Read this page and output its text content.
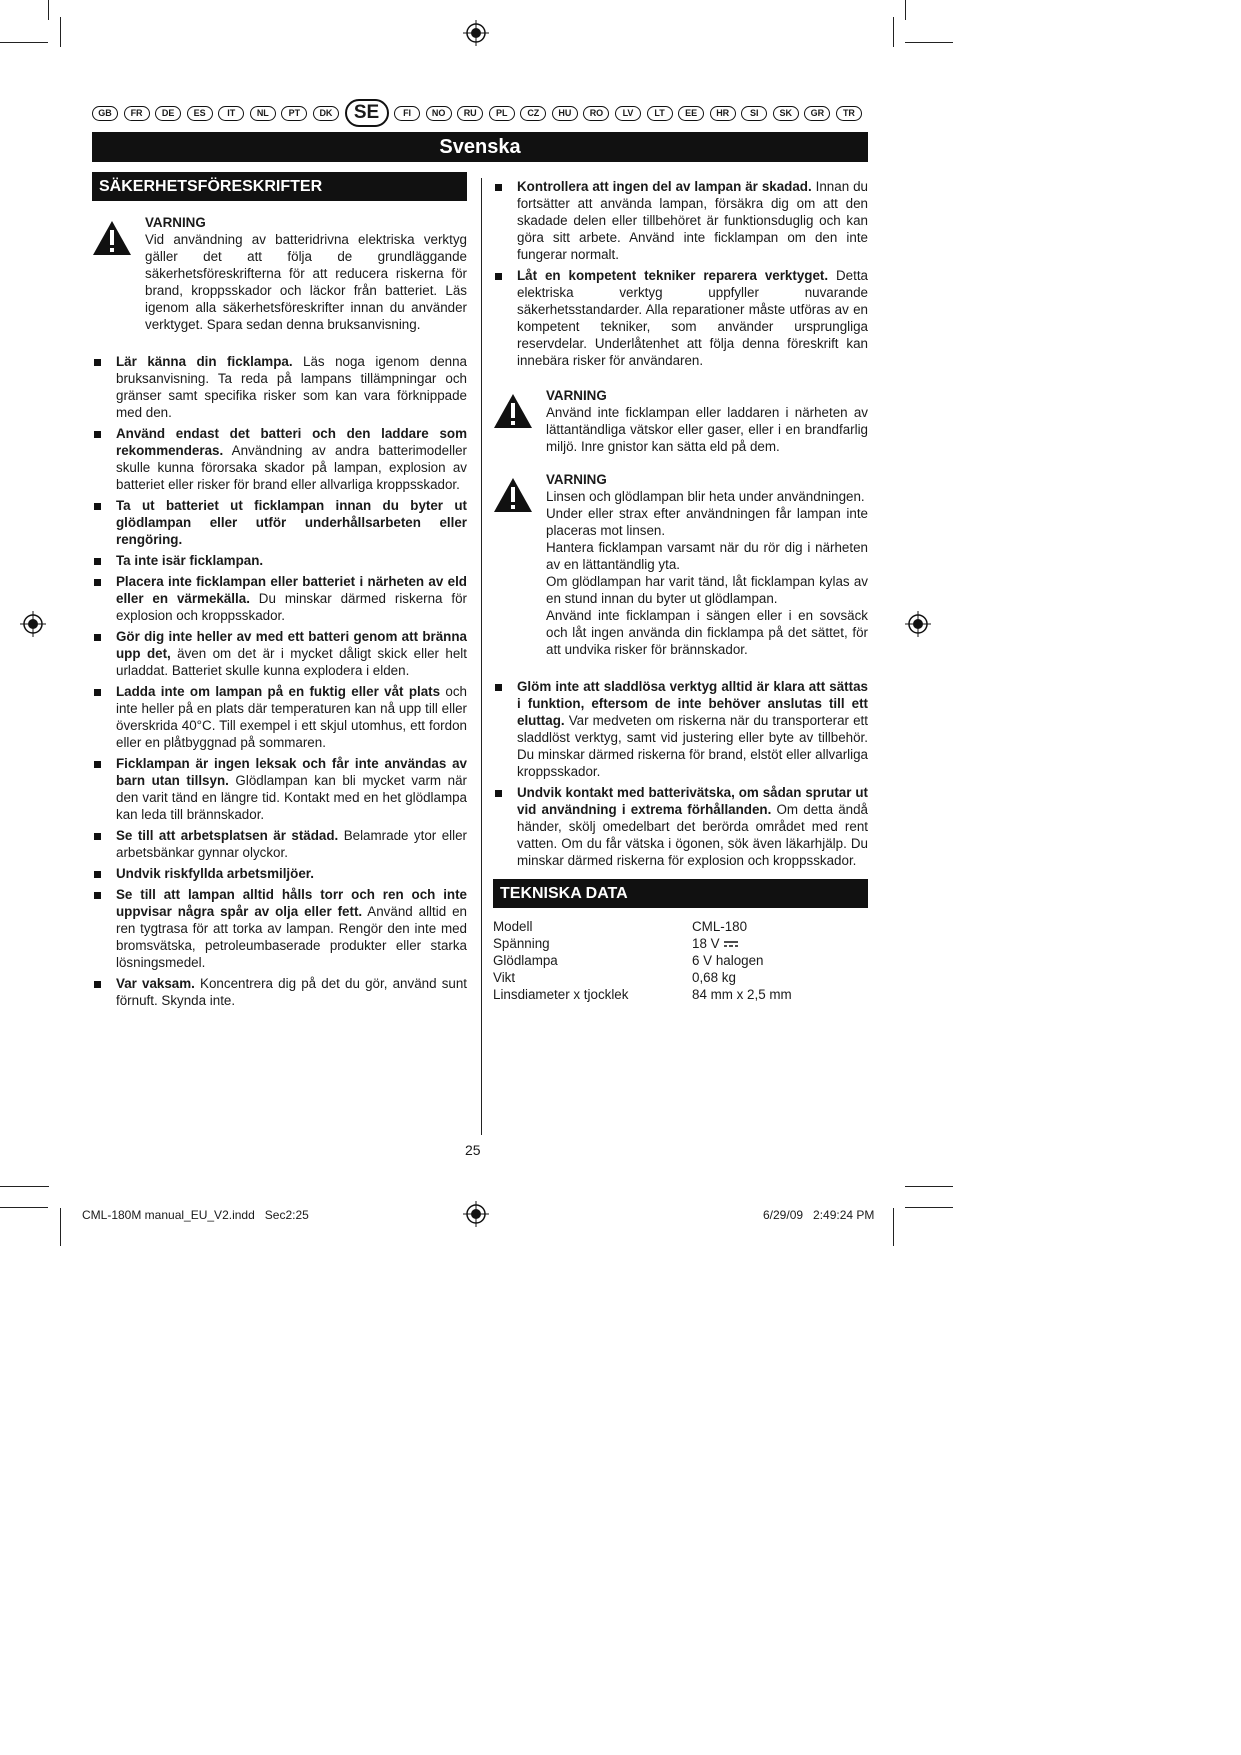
GB	FR	DE	ES	IT	NL	PT	DK	SE	FI	NO	RU	PL	CZ	HU	RO	LV	LT	EE	HR	SI	SK	GR	TR
Svenska
SÄKERHETSFÖRESKRIFTER
VARNING
Vid användning av batteridrivna elektriska verktyg gäller det att följa de grundläggande säkerhetsföreskrifterna för att reducera riskerna för brand, kroppsskador och läckor från batteriet. Läs igenom alla säkerhetsföreskrifter innan du använder verktyget. Spara sedan denna bruksanvisning.
Lär känna din ficklampa. Läs noga igenom denna bruksanvisning. Ta reda på lampans tillämpningar och gränser samt specifika risker som kan vara förknippade med den.
Använd endast det batteri och den laddare som rekommenderas. Användning av andra batterimodeller skulle kunna förorsaka skador på lampan, explosion av batteriet eller risker för brand eller allvarliga kroppsskador.
Ta ut batteriet ut ficklampan innan du byter ut glödlampan eller utför underhållsarbeten eller rengöring.
Ta inte isär ficklampan.
Placera inte ficklampan eller batteriet i närheten av eld eller en värmekälla. Du minskar därmed riskerna för explosion och kroppsskador.
Gör dig inte heller av med ett batteri genom att bränna upp det, även om det är i mycket dåligt skick eller helt urladdat. Batteriet skulle kunna explodera i elden.
Ladda inte om lampan på en fuktig eller våt plats och inte heller på en plats där temperaturen kan nå upp till eller överskrida 40°C. Till exempel i ett skjul utomhus, ett fordon eller en plåtbyggnad på sommaren.
Ficklampan är ingen leksak och får inte användas av barn utan tillsyn. Glödlampan kan bli mycket varm när den varit tänd en längre tid. Kontakt med en het glödlampa kan leda till brännskador.
Se till att arbetsplatsen är städad. Belamrade ytor eller arbetsbänkar gynnar olyckor.
Undvik riskfyllda arbetsmiljöer.
Se till att lampan alltid hålls torr och ren och inte uppvisar några spår av olja eller fett. Använd alltid en ren tygtrasa för att torka av lampan. Rengör den inte med bromsvätska, petroleumbaserade produkter eller starka lösningsmedel.
Var vaksam. Koncentrera dig på det du gör, använd sunt förnuft. Skynda inte.
Kontrollera att ingen del av lampan är skadad. Innan du fortsätter att använda lampan, försäkra dig om att den skadade delen eller tillbehöret är funktionsduglig och kan göra sitt arbete. Använd inte ficklampan om den inte fungerar normalt.
Låt en kompetent tekniker reparera verktyget. Detta elektriska verktyg uppfyller nuvarande säkerhetsstandarder. Alla reparationer måste utföras av en kompetent tekniker, som använder ursprungliga reservdelar. Underlåtenhet att följa denna föreskrift kan innebära risker för användaren.
VARNING
Använd inte ficklampan eller laddaren i närheten av lättantändliga vätskor eller gaser, eller i en brandfarlig miljö. Inre gnistor kan sätta eld på dem.
VARNING
Linsen och glödlampan blir heta under användningen.
Under eller strax efter användningen får lampan inte placeras mot linsen.
Hantera ficklampan varsamt när du rör dig i närheten av en lättantändlig yta.
Om glödlampan har varit tänd, låt ficklampan kylas av en stund innan du byter ut glödlampan.
Använd inte ficklampan i sängen eller i en sovsäck och låt ingen använda din ficklampa på det sättet, för att undvika risker för brännskador.
Glöm inte att sladdlösa verktyg alltid är klara att sättas i funktion, eftersom de inte behöver anslutas till ett eluttag. Var medveten om riskerna när du transporterar ett sladdlöst verktyg, samt vid justering eller byte av tillbehör. Du minskar därmed riskerna för brand, elstöt eller allvarliga kroppsskador.
Undvik kontakt med batterivätska, om sådan sprutar ut vid användning i extrema förhållanden. Om detta ändå händer, skölj omedelbart det berörda området med rent vatten. Om du får vätska i ögonen, sök även läkarhjälp. Du minskar därmed riskerna för explosion och kroppsskador.
TEKNISKA DATA
Modell	CML-180
Spänning	18 V
Glödlampa	6 V halogen
Vikt	0,68 kg
Linsdiameter x tjocklek	84 mm x 2,5 mm
25
CML-180M manual_EU_V2.indd   Sec2:25	6/29/09   2:49:24 PM
